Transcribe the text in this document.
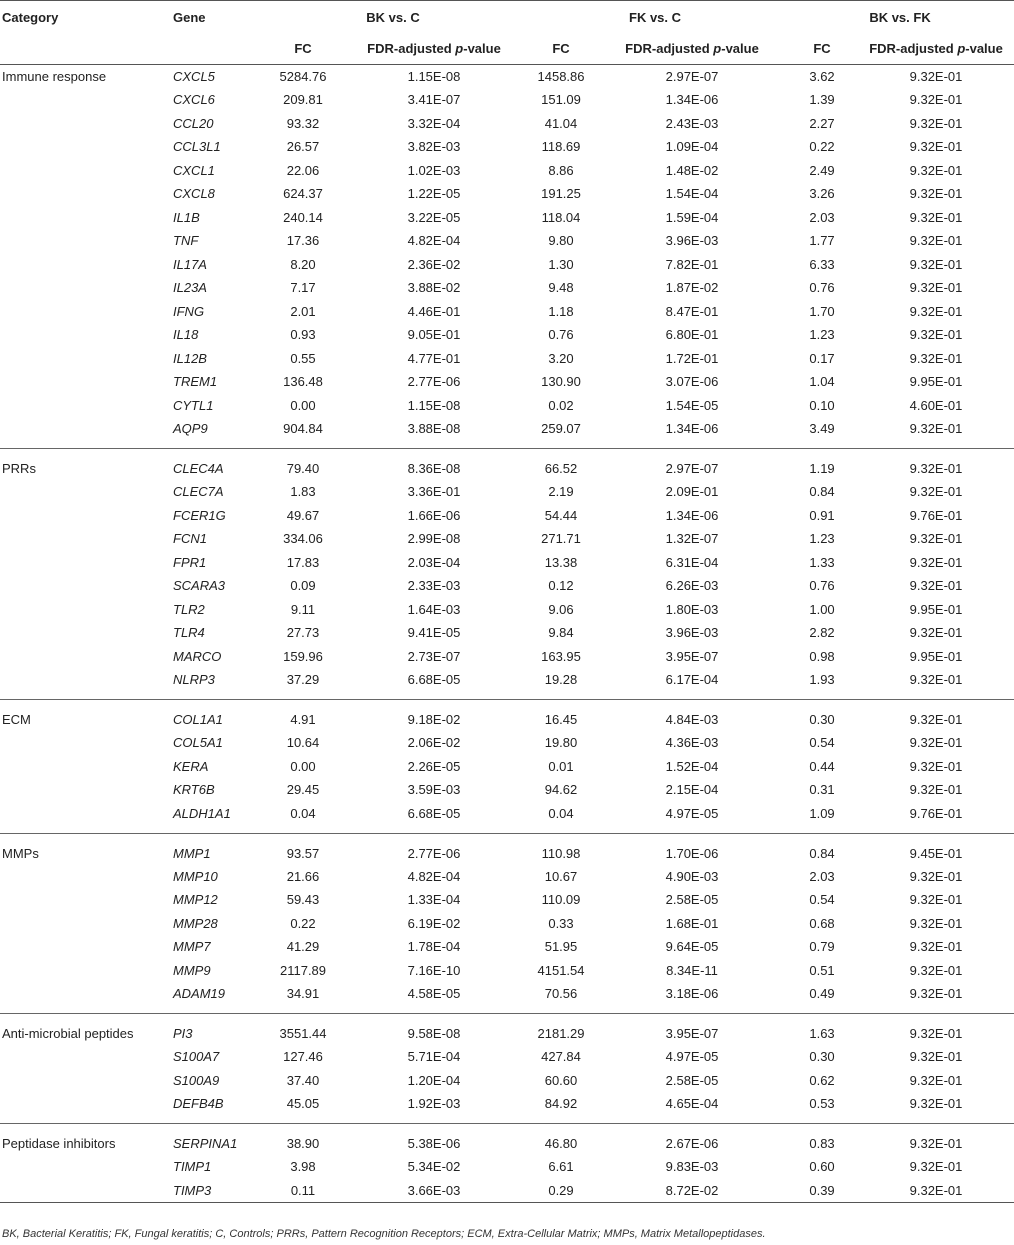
Category	Gene	BK vs. C		FK vs. C		BK vs. FK	
		FC	FDR-adjusted p-value	FC	FDR-adjusted p-value	FC	FDR-adjusted p-value
Immune response	CXCL5	5284.76	1.15E-08	1458.86	2.97E-07	3.62	9.32E-01
	CXCL6	209.81	3.41E-07	151.09	1.34E-06	1.39	9.32E-01
	CCL20	93.32	3.32E-04	41.04	2.43E-03	2.27	9.32E-01
	CCL3L1	26.57	3.82E-03	118.69	1.09E-04	0.22	9.32E-01
	CXCL1	22.06	1.02E-03	8.86	1.48E-02	2.49	9.32E-01
	CXCL8	624.37	1.22E-05	191.25	1.54E-04	3.26	9.32E-01
	IL1B	240.14	3.22E-05	118.04	1.59E-04	2.03	9.32E-01
	TNF	17.36	4.82E-04	9.80	3.96E-03	1.77	9.32E-01
	IL17A	8.20	2.36E-02	1.30	7.82E-01	6.33	9.32E-01
	IL23A	7.17	3.88E-02	9.48	1.87E-02	0.76	9.32E-01
	IFNG	2.01	4.46E-01	1.18	8.47E-01	1.70	9.32E-01
	IL18	0.93	9.05E-01	0.76	6.80E-01	1.23	9.32E-01
	IL12B	0.55	4.77E-01	3.20	1.72E-01	0.17	9.32E-01
	TREM1	136.48	2.77E-06	130.90	3.07E-06	1.04	9.95E-01
	CYTL1	0.00	1.15E-08	0.02	1.54E-05	0.10	4.60E-01
	AQP9	904.84	3.88E-08	259.07	1.34E-06	3.49	9.32E-01
PRRs	CLEC4A	79.40	8.36E-08	66.52	2.97E-07	1.19	9.32E-01
	CLEC7A	1.83	3.36E-01	2.19	2.09E-01	0.84	9.32E-01
	FCER1G	49.67	1.66E-06	54.44	1.34E-06	0.91	9.76E-01
	FCN1	334.06	2.99E-08	271.71	1.32E-07	1.23	9.32E-01
	FPR1	17.83	2.03E-04	13.38	6.31E-04	1.33	9.32E-01
	SCARA3	0.09	2.33E-03	0.12	6.26E-03	0.76	9.32E-01
	TLR2	9.11	1.64E-03	9.06	1.80E-03	1.00	9.95E-01
	TLR4	27.73	9.41E-05	9.84	3.96E-03	2.82	9.32E-01
	MARCO	159.96	2.73E-07	163.95	3.95E-07	0.98	9.95E-01
	NLRP3	37.29	6.68E-05	19.28	6.17E-04	1.93	9.32E-01
ECM	COL1A1	4.91	9.18E-02	16.45	4.84E-03	0.30	9.32E-01
	COL5A1	10.64	2.06E-02	19.80	4.36E-03	0.54	9.32E-01
	KERA	0.00	2.26E-05	0.01	1.52E-04	0.44	9.32E-01
	KRT6B	29.45	3.59E-03	94.62	2.15E-04	0.31	9.32E-01
	ALDH1A1	0.04	6.68E-05	0.04	4.97E-05	1.09	9.76E-01
MMPs	MMP1	93.57	2.77E-06	110.98	1.70E-06	0.84	9.45E-01
	MMP10	21.66	4.82E-04	10.67	4.90E-03	2.03	9.32E-01
	MMP12	59.43	1.33E-04	110.09	2.58E-05	0.54	9.32E-01
	MMP28	0.22	6.19E-02	0.33	1.68E-01	0.68	9.32E-01
	MMP7	41.29	1.78E-04	51.95	9.64E-05	0.79	9.32E-01
	MMP9	2117.89	7.16E-10	4151.54	8.34E-11	0.51	9.32E-01
	ADAM19	34.91	4.58E-05	70.56	3.18E-06	0.49	9.32E-01
Anti-microbial peptides	PI3	3551.44	9.58E-08	2181.29	3.95E-07	1.63	9.32E-01
	S100A7	127.46	5.71E-04	427.84	4.97E-05	0.30	9.32E-01
	S100A9	37.40	1.20E-04	60.60	2.58E-05	0.62	9.32E-01
	DEFB4B	45.05	1.92E-03	84.92	4.65E-04	0.53	9.32E-01
Peptidase inhibitors	SERPINA1	38.90	5.38E-06	46.80	2.67E-06	0.83	9.32E-01
	TIMP1	3.98	5.34E-02	6.61	9.83E-03	0.60	9.32E-01
	TIMP3	0.11	3.66E-03	0.29	8.72E-02	0.39	9.32E-01
BK, Bacterial Keratitis; FK, Fungal keratitis; C, Controls; PRRs, Pattern Recognition Receptors; ECM, Extra-Cellular Matrix; MMPs, Matrix Metallopeptidases.
